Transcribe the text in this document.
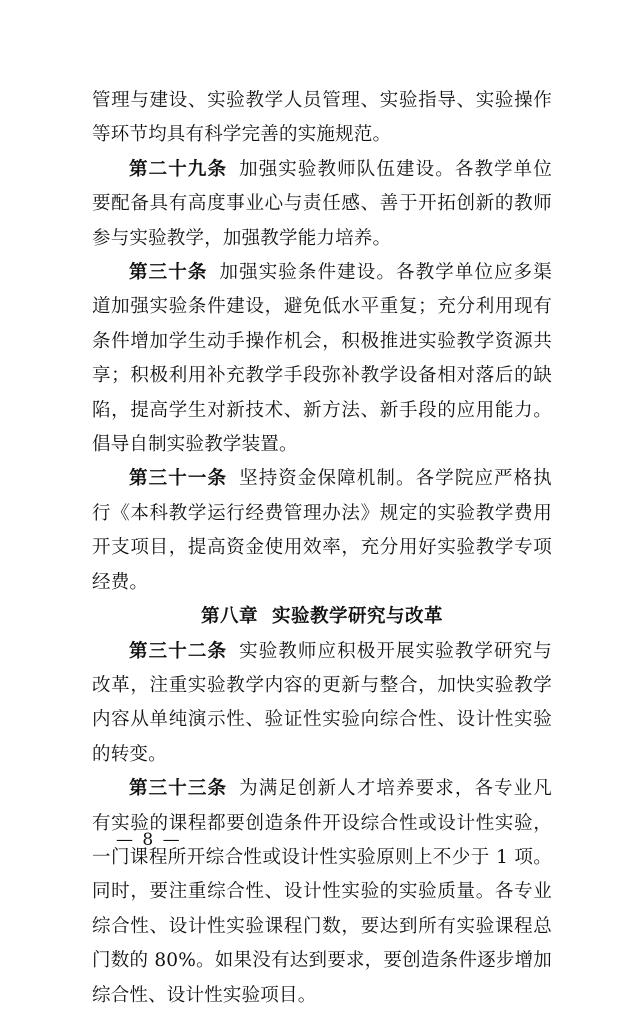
管理与建设、实验教学人员管理、实验指导、实验操作等环节均具有科学完善的实施规范。

第二十九条 加强实验教师队伍建设。各教学单位要配备具有高度事业心与责任感、善于开拓创新的教师参与实验教学，加强教学能力培养。

第三十条 加强实验条件建设。各教学单位应多渠道加强实验条件建设，避免低水平重复；充分利用现有条件增加学生动手操作机会，积极推进实验教学资源共享；积极利用补充教学手段弥补教学设备相对落后的缺陷，提高学生对新技术、新方法、新手段的应用能力。倡导自制实验教学装置。

第三十一条 坚持资金保障机制。各学院应严格执行《本科教学运行经费管理办法》规定的实验教学费用开支项目，提高资金使用效率，充分用好实验教学专项经费。

第八章 实验教学研究与改革

第三十二条 实验教师应积极开展实验教学研究与改革，注重实验教学内容的更新与整合，加快实验教学内容从单纯演示性、验证性实验向综合性、设计性实验的转变。

第三十三条 为满足创新人才培养要求，各专业凡有实验的课程都要创造条件开设综合性或设计性实验，一门课程所开综合性或设计性实验原则上不少于 1 项。同时，要注重综合性、设计性实验的实验质量。各专业综合性、设计性实验课程门数，要达到所有实验课程总门数的 80%。如果没有达到要求，要创造条件逐步增加综合性、设计性实验项目。

— 8 —
